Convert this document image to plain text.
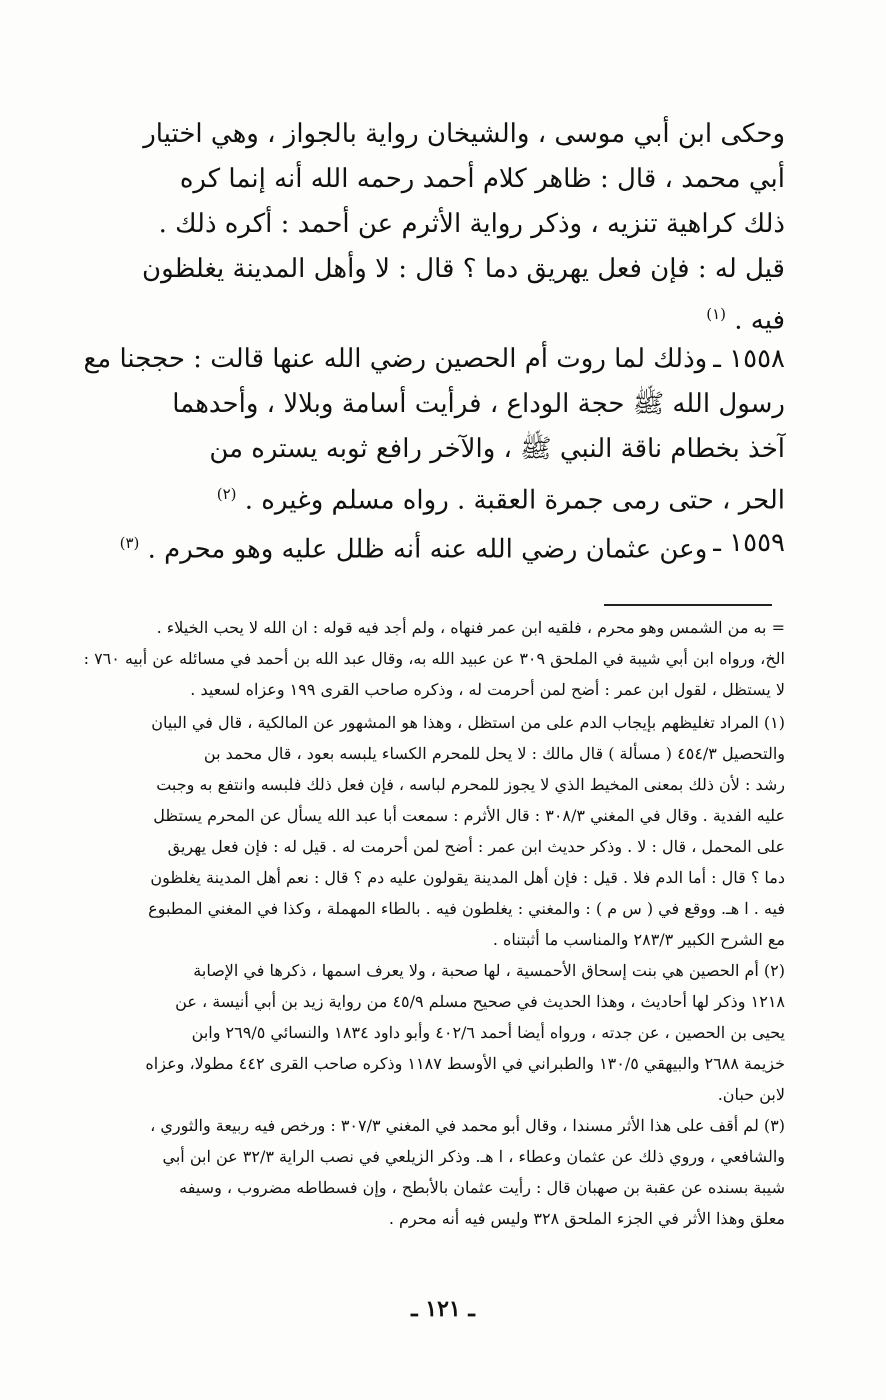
وحكى ابن أبي موسى ، والشيخان رواية بالجواز ، وهي اختيار
أبي محمد ، قال : ظاهر كلام أحمد رحمه الله أنه إنما كره
ذلك كراهية تنزيه ، وذكر رواية الأثرم عن أحمد : أكره ذلك .
قيل له : فإن فعل يهريق دما ؟ قال : لا وأهل المدينة يغلظون
فيه . $^{(١)}$
١٥٥٨ ـ
وذلك لما روت أم الحصين رضي الله عنها قالت : حججنا مع
رسول الله ﷺ حجة الوداع ، فرأيت أسامة وبلالا ، وأحدهما
آخذ بخطام ناقة النبي ﷺ ، والآخر رافع ثوبه يستره من
الحر ، حتى رمى جمرة العقبة . رواه مسلم وغيره . $^{(٢)}$
١٥٥٩ ـ
وعن عثمان رضي الله عنه أنه ظلل عليه وهو محرم . $^{(٣)}$
= به من الشمس وهو محرم ، فلقيه ابن عمر فنهاه ، ولم أجد فيه قوله : ان الله لا يحب الخيلاء .
الخ، ورواه ابن أبي شيبة في الملحق ٣٠٩ عن عبيد الله به، وقال عبد الله بن أحمد في مسائله عن أبيه ٧٦٠ :
لا يستظل ، لقول ابن عمر : أضح لمن أحرمت له ، وذكره صاحب القرى ١٩٩ وعزاه لسعيد .
(١) المراد تغليظهم بإيجاب الدم على من استظل ، وهذا هو المشهور عن المالكية ، قال في البيان
والتحصيل ٤٥٤/٣ ( مسألة ) قال مالك : لا يحل للمحرم الكساء يلبسه بعود ، قال محمد بن
رشد : لأن ذلك بمعنى المخيط الذي لا يجوز للمحرم لباسه ، فإن فعل ذلك فلبسه وانتفع به وجبت
عليه الفدية . وقال في المغني ٣٠٨/٣ : قال الأثرم : سمعت أبا عبد الله يسأل عن المحرم يستظل
على المحمل ، قال : لا . وذكر حديث ابن عمر : أضح لمن أحرمت له . قيل له : فإن فعل يهريق
دما ؟ قال : أما الدم فلا . قيل : فإن أهل المدينة يقولون عليه دم ؟ قال : نعم أهل المدينة يغلظون
فيه . ا هـ. ووقع في ( س م ) : والمغني : يغلطون فيه . بالطاء المهملة ، وكذا في المغني المطبوع
مع الشرح الكبير ٢٨٣/٣ والمناسب ما أثبتناه .
(٢) أم الحصين هي بنت إسحاق الأحمسية ، لها صحبة ، ولا يعرف اسمها ، ذكرها في الإصابة
١٢١٨ وذكر لها أحاديث ، وهذا الحديث في صحيح مسلم ٤٥/٩ من رواية زيد بن أبي أنيسة ، عن
يحيى بن الحصين ، عن جدته ، ورواه أيضا أحمد ٤٠٢/٦ وأبو داود ١٨٣٤ والنسائي ٢٦٩/٥ وابن
خزيمة ٢٦٨٨ والبيهقي ١٣٠/٥ والطبراني في الأوسط ١١٨٧ وذكره صاحب القرى ٤٤٢ مطولا، وعزاه
لابن حبان.
(٣) لم أقف على هذا الأثر مسندا ، وقال أبو محمد في المغني ٣٠٧/٣ : ورخص فيه ربيعة والثوري ،
والشافعي ، وروي ذلك عن عثمان وعطاء ، ا هـ. وذكر الزيلعي في نصب الراية ٣٢/٣ عن ابن أبي
شيبة بسنده عن عقبة بن صهبان قال : رأيت عثمان بالأبطح ، وإن فسطاطه مضروب ، وسيفه
معلق وهذا الأثر في الجزء الملحق ٣٢٨ وليس فيه أنه محرم .
ـ ١٢١ ـ
